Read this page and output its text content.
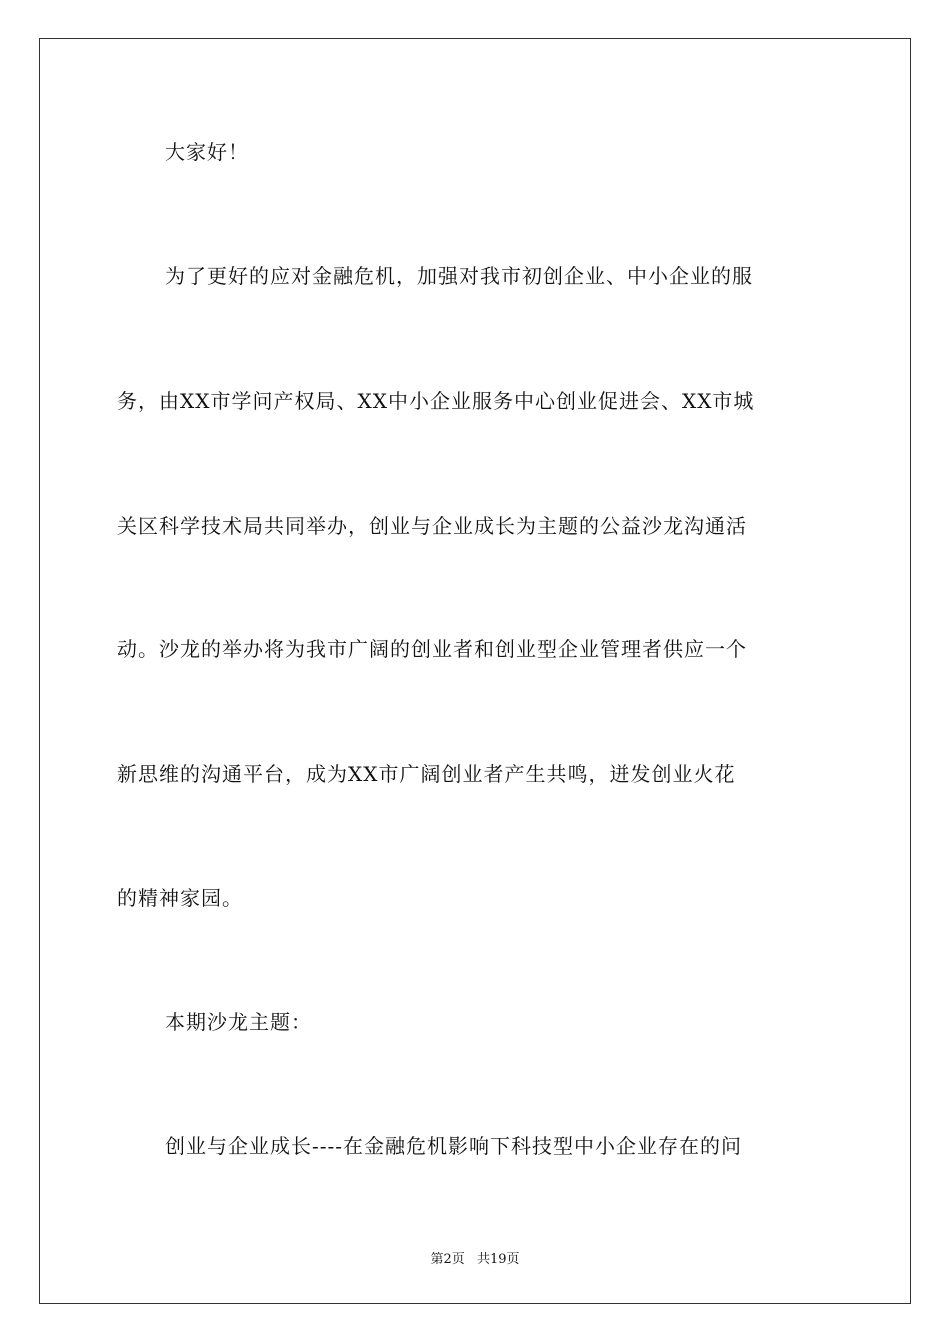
大家好！
为了更好的应对金融危机，加强对我市初创企业、中小企业的服
务，由XX市学问产权局、XX中小企业服务中心创业促进会、XX市城
关区科学技术局共同举办，创业与企业成长为主题的公益沙龙沟通活
动。沙龙的举办将为我市广阔的创业者和创业型企业管理者供应一个
新思维的沟通平台，成为XX市广阔创业者产生共鸣，迸发创业火花
的精神家园。
本期沙龙主题：
创业与企业成长----在金融危机影响下科技型中小企业存在的问
第2页 共19页
